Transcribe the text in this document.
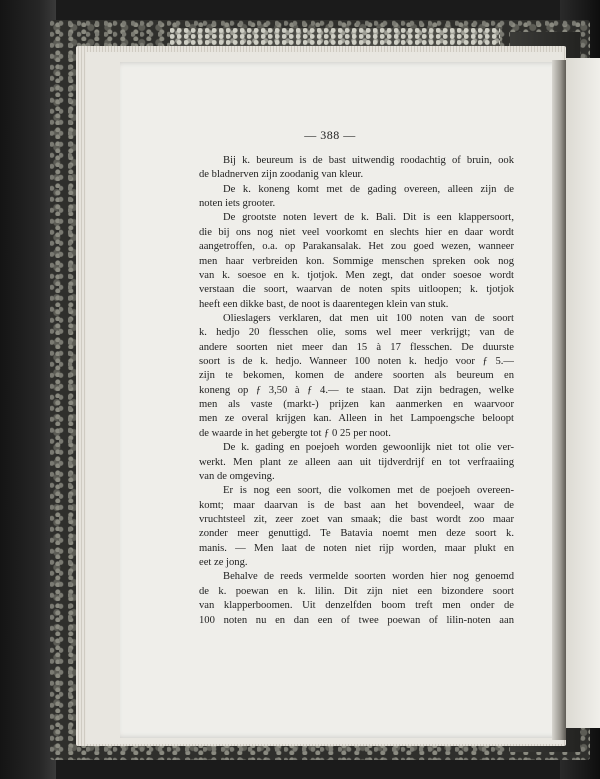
— 388 —
Bij k. beureum is de bast uitwendig roodachtig of bruin, ook
de bladnerven zijn zoodanig van kleur.
De k. koneng komt met de gading overeen, alleen zijn de
noten iets grooter.
De grootste noten levert de k. Bali. Dit is een klappersoort,
die bij ons nog niet veel voorkomt en slechts hier en daar wordt
aangetroffen, o.a. op Parakansalak. Het zou goed wezen, wanneer
men haar verbreiden kon. Sommige menschen spreken ook nog
van k. soesoe en k. tjotjok. Men zegt, dat onder soesoe wordt
verstaan die soort, waarvan de noten spits uitloopen; k. tjotjok
heeft een dikke bast, de noot is daarentegen klein van stuk.
Olieslagers verklaren, dat men uit 100 noten van de soort
k. hedjo 20 flesschen olie, soms wel meer verkrijgt; van de
andere soorten niet meer dan 15 à 17 flesschen. De duurste
soort is de k. hedjo. Wanneer 100 noten k. hedjo voor ƒ 5.—
zijn te bekomen, komen de andere soorten als beureum en
koneng op ƒ 3,50 à ƒ 4.— te staan. Dat zijn bedragen, welke
men als vaste (markt-) prijzen kan aanmerken en waarvoor
men ze overal krijgen kan. Alleen in het Lampoengsche beloopt
de waarde in het gebergte tot ƒ 0 25 per noot.
De k. gading en poejoeh worden gewoonlijk niet tot olie ver-
werkt. Men plant ze alleen aan uit tijdverdrijf en tot verfraaiing
van de omgeving.
Er is nog een soort, die volkomen met de poejoeh overeen-
komt; maar daarvan is de bast aan het bovendeel, waar de
vruchtsteel zit, zeer zoet van smaak; die bast wordt zoo maar
zonder meer genuttigd. Te Batavia noemt men deze soort k.
manis. — Men laat de noten niet rijp worden, maar plukt en
eet ze jong.
Behalve de reeds vermelde soorten worden hier nog genoemd
de k. poewan en k. lilin. Dit zijn niet een bizondere soort
van klapperboomen. Uit denzelfden boom treft men onder de
100 noten nu en dan een of twee poewan of lilin-noten aan
